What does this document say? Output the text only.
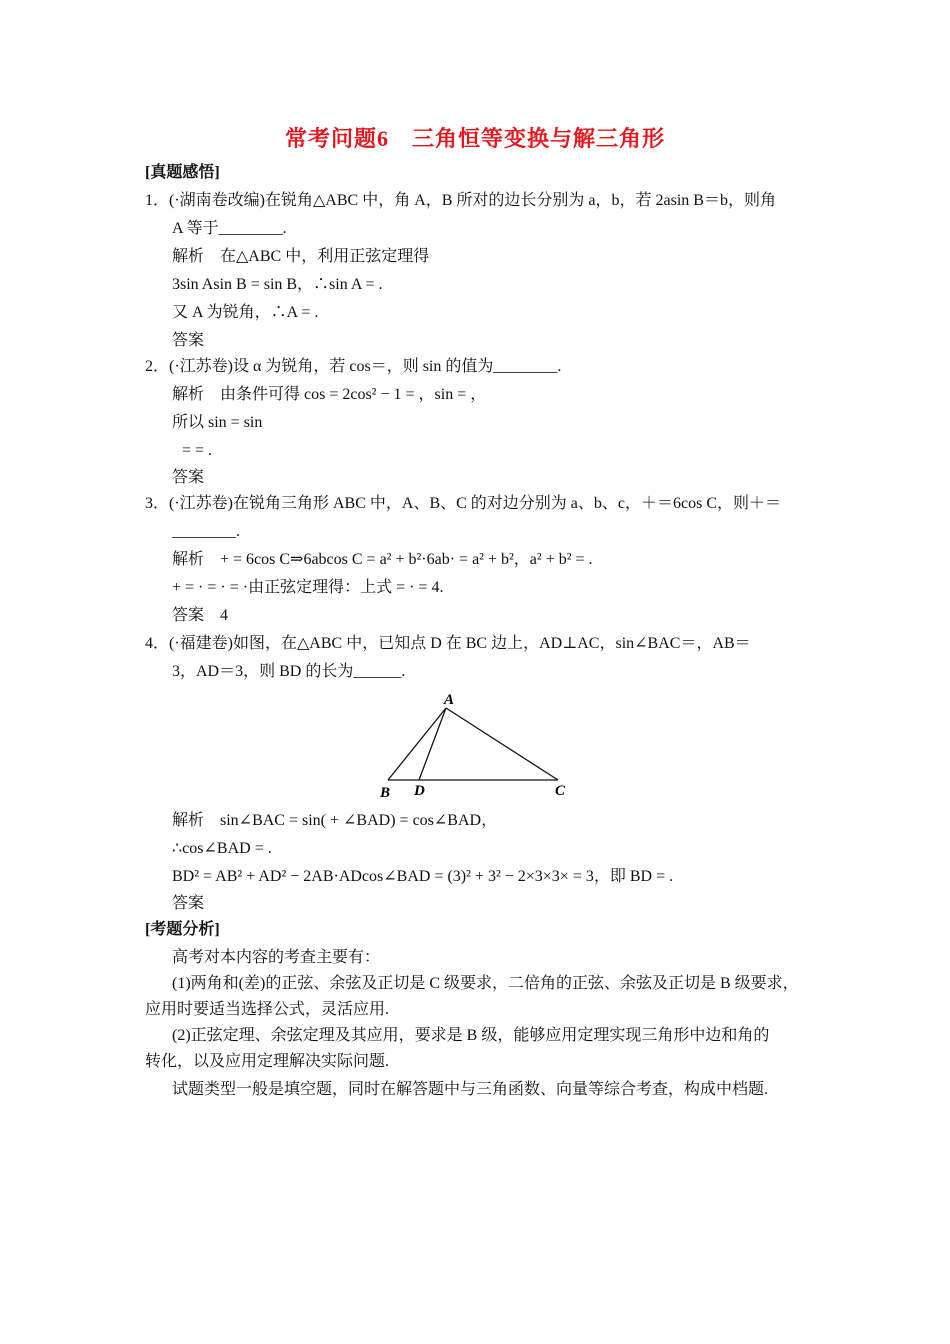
常考问题6　三角恒等变换与解三角形
[真题感悟]
1．(·湖南卷改编)在锐角△ABC 中，角 A，B 所对的边长分别为 a，b，若 2asin B＝b，则角
A 等于________.
解析　在△ABC 中，利用正弦定理得
3sin Asin B = sin B，∴sin A = .
又 A 为锐角，∴A = .
答案
2．(·江苏卷)设 α 为锐角，若 cos＝，则 sin 的值为________.
解析　由条件可得 cos = 2cos² − 1 = ，sin = ，
所以 sin = sin
= = .
答案
3．(·江苏卷)在锐角三角形 ABC 中，A、B、C 的对边分别为 a、b、c，＋＝6cos C，则＋＝
________.
解析　+ = 6cos C⇒6abcos C = a² + b²·6ab· = a² + b²，a² + b² = .
+ = · = · = ·由正弦定理得：上式 = · = 4.
答案　4
4．(·福建卷)如图，在△ABC 中，已知点 D 在 BC 边上，AD⊥AC，sin∠BAC＝，AB＝
3，AD＝3，则 BD 的长为______.
A
B D	C
解析　sin∠BAC = sin( + ∠BAD) = cos∠BAD，
∴cos∠BAD = .
BD² = AB² + AD² − 2AB·ADcos∠BAD = (3)² + 3² − 2×3×3× = 3，即 BD = .
答案
[考题分析]
高考对本内容的考查主要有：
(1)两角和(差)的正弦、余弦及正切是 C 级要求，二倍角的正弦、余弦及正切是 B 级要求，
应用时要适当选择公式，灵活应用.
(2)正弦定理、余弦定理及其应用，要求是 B 级，能够应用定理实现三角形中边和角的
转化，以及应用定理解决实际问题.
试题类型一般是填空题，同时在解答题中与三角函数、向量等综合考查，构成中档题.
